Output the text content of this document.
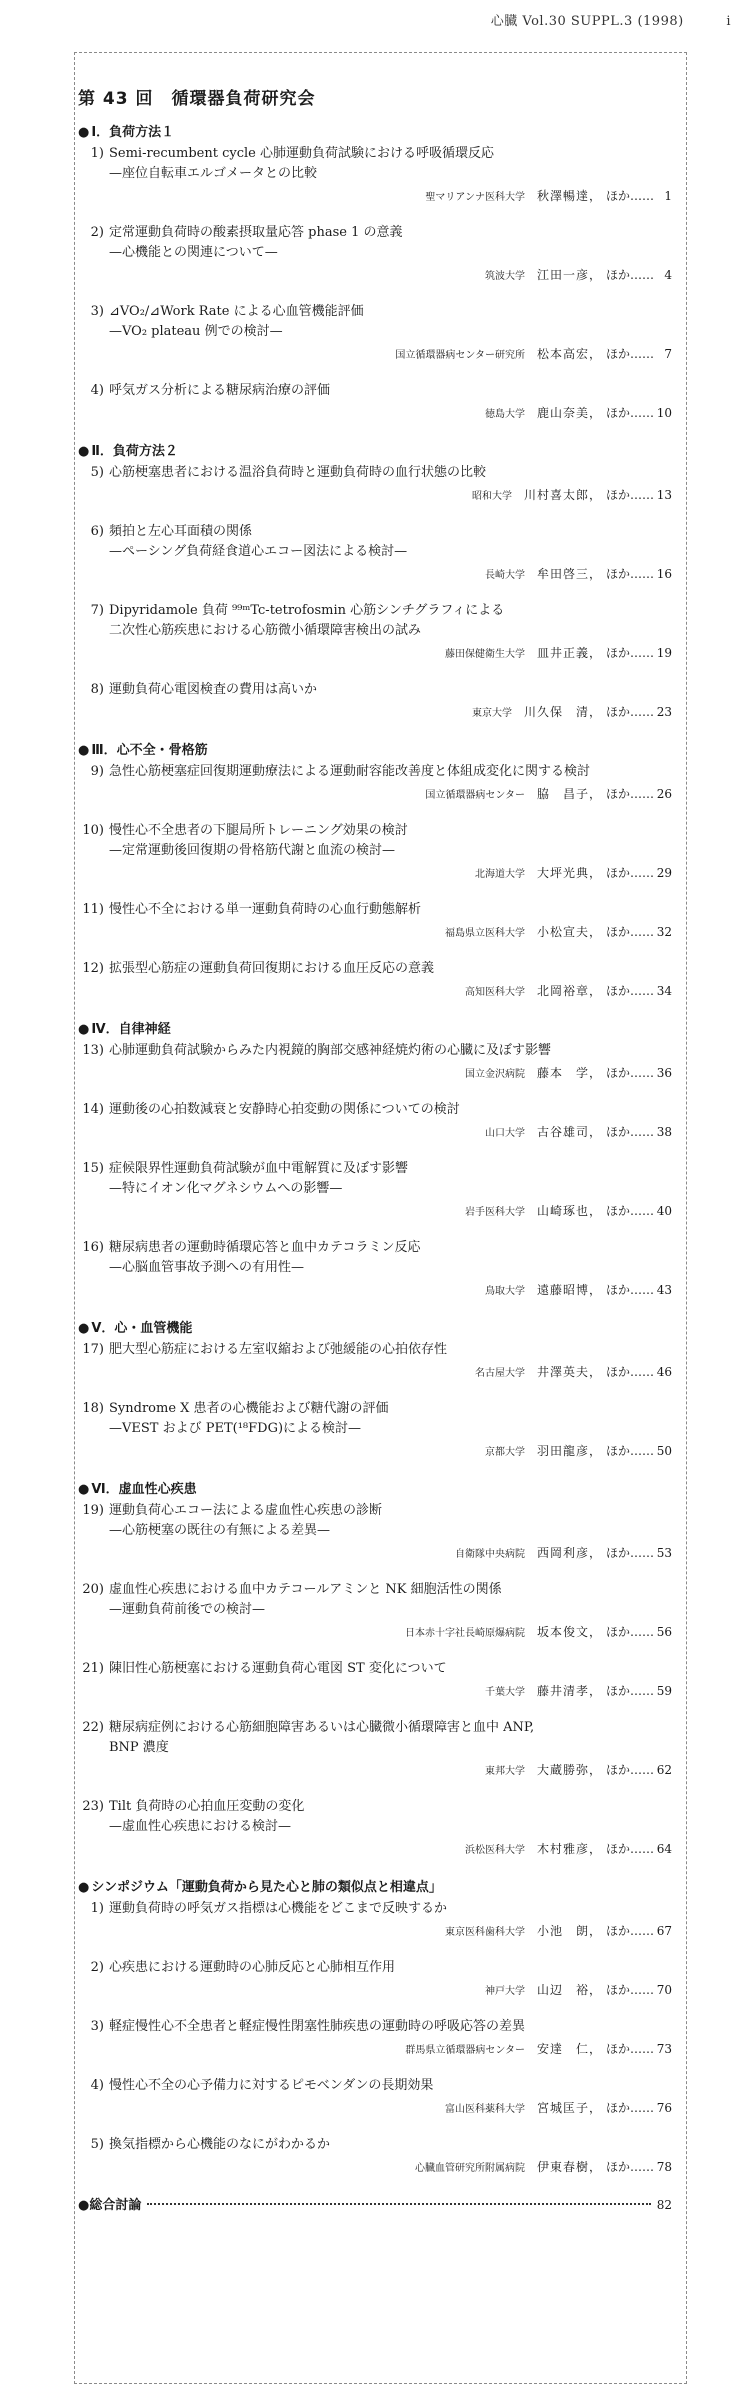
心臓 Vol.30 SUPPL.3 (1998)	i
第 43 回　循環器負荷研究会
● Ⅰ．負荷方法１
1) Semi-recumbent cycle 心肺運動負荷試験における呼吸循環反応
—座位自転車エルゴメータとの比較
聖マリアンナ医科大学 秋澤暢達， ほか …… 1
2) 定常運動負荷時の酸素摂取量応答 phase 1 の意義
—心機能との関連について—
筑波大学 江田一彦， ほか …… 4
3) ⊿VO₂/⊿Work Rate による心血管機能評価
—VO₂ plateau 例での検討—
国立循環器病センター研究所 松本高宏， ほか …… 7
4) 呼気ガス分析による糖尿病治療の評価
徳島大学 鹿山奈美， ほか …… 10
● Ⅱ．負荷方法２
5) 心筋梗塞患者における温浴負荷時と運動負荷時の血行状態の比較
昭和大学 川村喜太郎， ほか …… 13
6) 頻拍と左心耳面積の関係
—ペーシング負荷経食道心エコー図法による検討—
長崎大学 牟田啓三， ほか …… 16
7) Dipyridamole 負荷 ⁹⁹ᵐTc-tetrofosmin 心筋シンチグラフィによる
二次性心筋疾患における心筋微小循環障害検出の試み
藤田保健衛生大学 皿井正義， ほか …… 19
8) 運動負荷心電図検査の費用は高いか
東京大学 川久保　清， ほか …… 23
● Ⅲ．心不全・骨格筋
9) 急性心筋梗塞症回復期運動療法による運動耐容能改善度と体組成変化に関する検討
国立循環器病センター 脇　昌子， ほか …… 26
10) 慢性心不全患者の下腿局所トレーニング効果の検討
—定常運動後回復期の骨格筋代謝と血流の検討—
北海道大学 大坪光典， ほか …… 29
11) 慢性心不全における単一運動負荷時の心血行動態解析
福島県立医科大学 小松宣夫， ほか …… 32
12) 拡張型心筋症の運動負荷回復期における血圧反応の意義
高知医科大学 北岡裕章， ほか …… 34
● Ⅳ．自律神経
13) 心肺運動負荷試験からみた内視鏡的胸部交感神経焼灼術の心臓に及ぼす影響
国立金沢病院 藤本　学， ほか …… 36
14) 運動後の心拍数減衰と安静時心拍変動の関係についての検討
山口大学 古谷雄司， ほか …… 38
15) 症候限界性運動負荷試験が血中電解質に及ぼす影響
—特にイオン化マグネシウムへの影響—
岩手医科大学 山崎琢也， ほか …… 40
16) 糖尿病患者の運動時循環応答と血中カテコラミン反応
—心脳血管事故予測への有用性—
鳥取大学 遠藤昭博， ほか …… 43
● Ⅴ．心・血管機能
17) 肥大型心筋症における左室収縮および弛緩能の心拍依存性
名古屋大学 井澤英夫， ほか …… 46
18) Syndrome X 患者の心機能および糖代謝の評価
—VEST および PET(¹⁸FDG)による検討—
京都大学 羽田龍彦， ほか …… 50
● Ⅵ．虚血性心疾患
19) 運動負荷心エコー法による虚血性心疾患の診断
—心筋梗塞の既往の有無による差異—
自衛隊中央病院 西岡利彦， ほか …… 53
20) 虚血性心疾患における血中カテコールアミンと NK 細胞活性の関係
—運動負荷前後での検討—
日本赤十字社長崎原爆病院 坂本俊文， ほか …… 56
21) 陳旧性心筋梗塞における運動負荷心電図 ST 変化について
千葉大学 藤井清孝， ほか …… 59
22) 糖尿病症例における心筋細胞障害あるいは心臓微小循環障害と血中 ANP,
BNP 濃度
東邦大学 大蔵勝弥， ほか …… 62
23) Tilt 負荷時の心拍血圧変動の変化
—虚血性心疾患における検討—
浜松医科大学 木村雅彦， ほか …… 64
● シンポジウム「運動負荷から見た心と肺の類似点と相違点」
1) 運動負荷時の呼気ガス指標は心機能をどこまで反映するか
東京医科歯科大学 小池　朗， ほか …… 67
2) 心疾患における運動時の心肺反応と心肺相互作用
神戸大学 山辺　裕， ほか …… 70
3) 軽症慢性心不全患者と軽症慢性閉塞性肺疾患の運動時の呼吸応答の差異
群馬県立循環器病センター 安達　仁， ほか …… 73
4) 慢性心不全の心予備力に対するピモベンダンの長期効果
富山医科薬科大学 宮城匡子， ほか …… 76
5) 換気指標から心機能のなにがわかるか
心臓血管研究所附属病院 伊東春樹， ほか …… 78
● 総合討論	82
